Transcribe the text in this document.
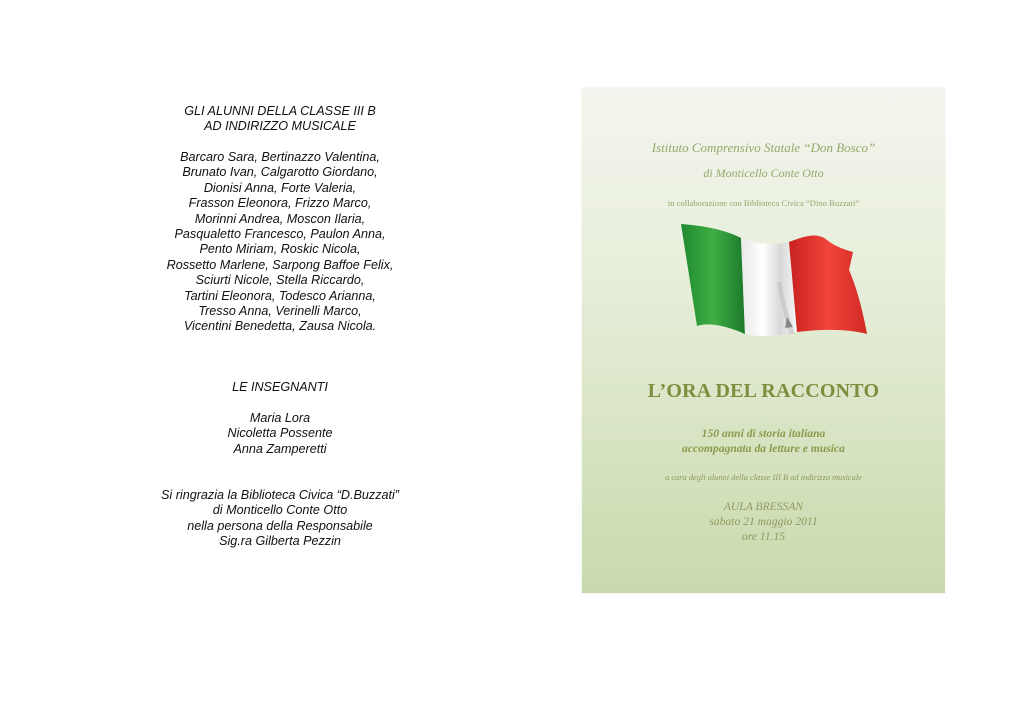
GLI ALUNNI DELLA CLASSE III B
AD INDIRIZZO MUSICALE
Barcaro Sara, Bertinazzo Valentina,
Brunato Ivan, Calgarotto Giordano,
Dionisi Anna, Forte Valeria,
Frasson Eleonora, Frizzo Marco,
Morinni Andrea, Moscon Ilaria,
Pasqualetto Francesco, Paulon Anna,
Pento Miriam, Roskic Nicola,
Rossetto Marlene, Sarpong Baffoe Felix,
Sciurti Nicole, Stella Riccardo,
Tartini Eleonora, Todesco Arianna,
Tresso Anna, Verinelli Marco,
Vicentini Benedetta, Zausa Nicola.
LE INSEGNANTI
Maria Lora
Nicoletta Possente
Anna Zamperetti
Si ringrazia la Biblioteca Civica “D.Buzzati”
di Monticello Conte Otto
nella persona della Responsabile
Sig.ra Gilberta Pezzin
Istituto Comprensivo Statale “Don Bosco”
di Monticello Conte Otto
in collaborazione con Biblioteca Civica “Dino Buzzati”
L’ORA DEL RACCONTO
150 anni di storia italiana
accompagnata da letture e musica
a cura degli alunni della classe III B ad indirizzo musicale
AULA BRESSAN
sabato 21 maggio 2011
ore 11.15
